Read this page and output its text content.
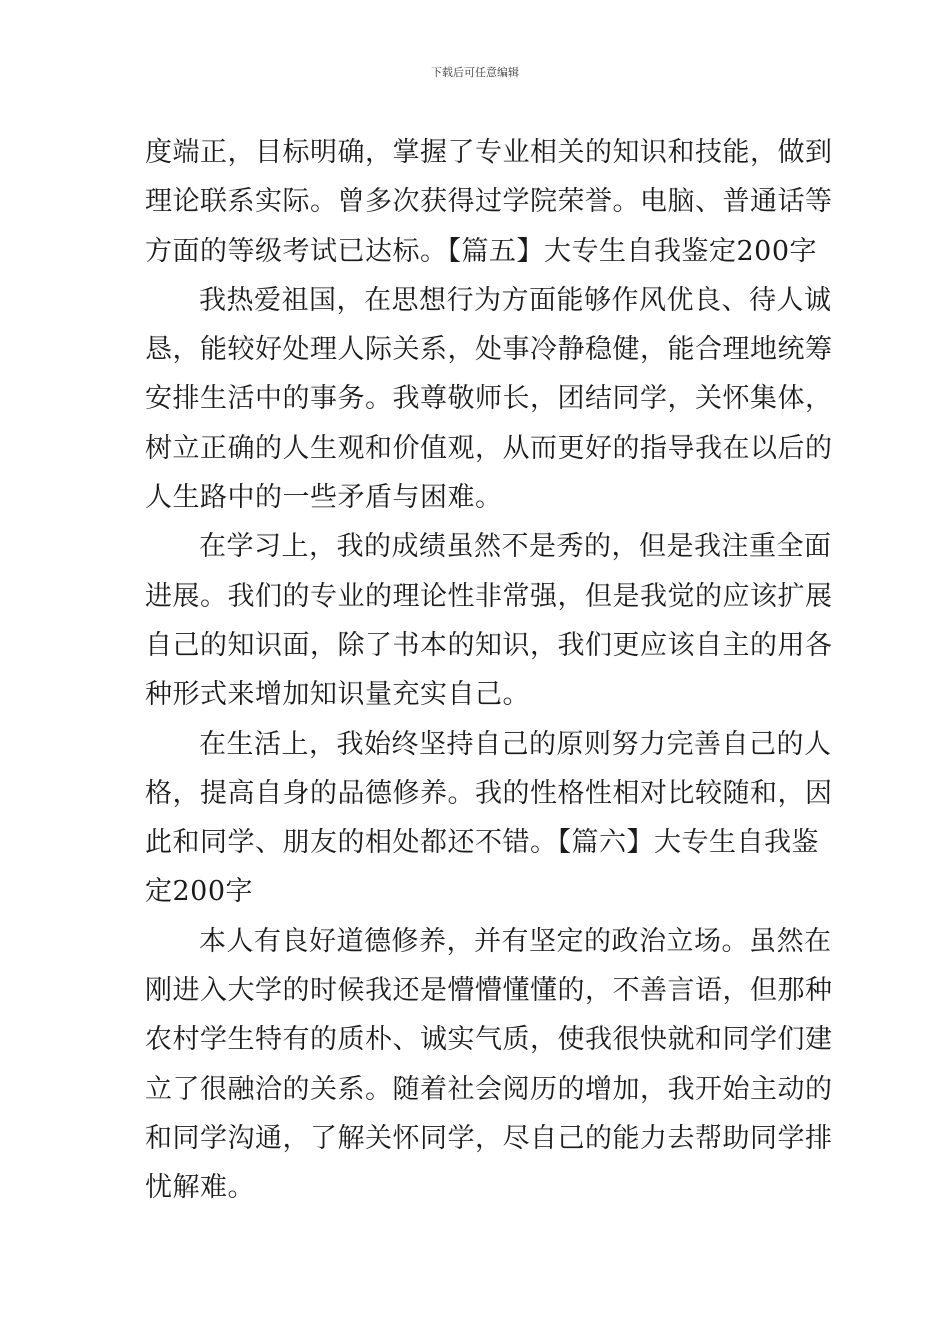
下载后可任意编辑
度端正，目标明确，掌握了专业相关的知识和技能，做到
理论联系实际。曾多次获得过学院荣誉。电脑、普通话等
方面的等级考试已达标。【篇五】大专生自我鉴定200字
我热爱祖国，在思想行为方面能够作风优良、待人诚
恳，能较好处理人际关系，处事冷静稳健，能合理地统筹
安排生活中的事务。我尊敬师长，团结同学，关怀集体，
树立正确的人生观和价值观，从而更好的指导我在以后的
人生路中的一些矛盾与困难。
在学习上，我的成绩虽然不是秀的，但是我注重全面
进展。我们的专业的理论性非常强，但是我觉的应该扩展
自己的知识面，除了书本的知识，我们更应该自主的用各
种形式来增加知识量充实自己。
在生活上，我始终坚持自己的原则努力完善自己的人
格，提高自身的品德修养。我的性格性相对比较随和，因
此和同学、朋友的相处都还不错。【篇六】大专生自我鉴
定200字
本人有良好道德修养，并有坚定的政治立场。虽然在
刚进入大学的时候我还是懵懵懂懂的，不善言语，但那种
农村学生特有的质朴、诚实气质，使我很快就和同学们建
立了很融洽的关系。随着社会阅历的增加，我开始主动的
和同学沟通，了解关怀同学，尽自己的能力去帮助同学排
忧解难。
